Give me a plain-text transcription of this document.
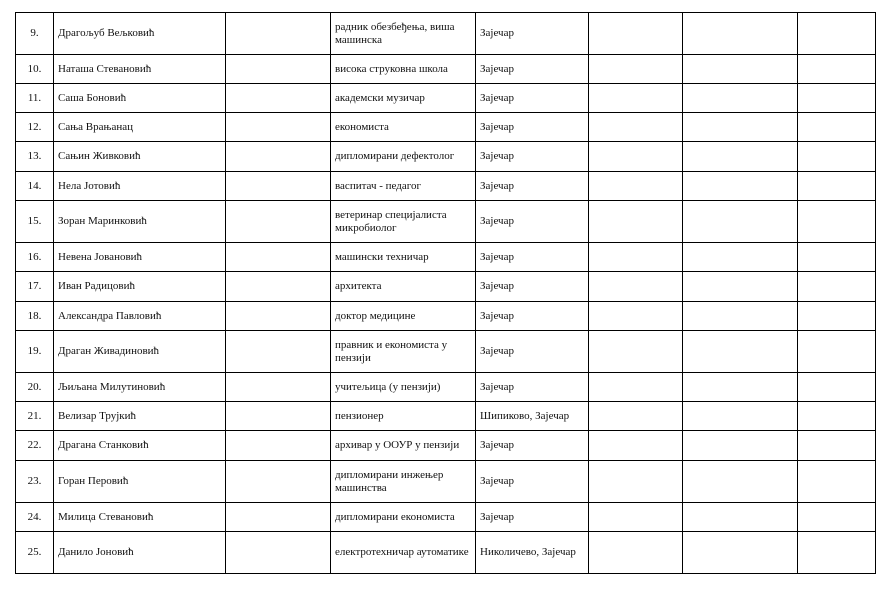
9.	Драгољуб Вељковић		радник обезбеђења, виша машинска	Зајечар			
10.	Наташа Стевановић		висока струковна школа	Зајечар			
11.	Саша Боновић		академски музичар	Зајечар			
12.	Сања Врањанац		економиста	Зајечар			
13.	Сањин Живковић		дипломирани дефектолог	Зајечар			
14.	Нела Јотовић		васпитач - педагог	Зајечар			
15.	Зоран Маринковић		ветеринар специјалиста микробиолог	Зајечар			
16.	Невена Јовановић		машински техничар	Зајечар			
17.	Иван Радицовић		архитекта	Зајечар			
18.	Александра Павловић		доктор медицине	Зајечар			
19.	Драган Живадиновић		правник и економиста у пензији	Зајечар			
20.	Љиљана Милутиновић		учитељица (у пензији)	Зајечар			
21.	Велизар Трујкић		пензионер	Шипиково, Зајечар			
22.	Драгана Станковић		архивар у ООУР у пензији	Зајечар			
23.	Горан Перовић		дипломирани инжењер машинства	Зајечар			
24.	Милица Стевановић		дипломирани економиста	Зајечар			
25.	Данило Јоновић		електротехничар аутоматике	Николичево, Зајечар			
